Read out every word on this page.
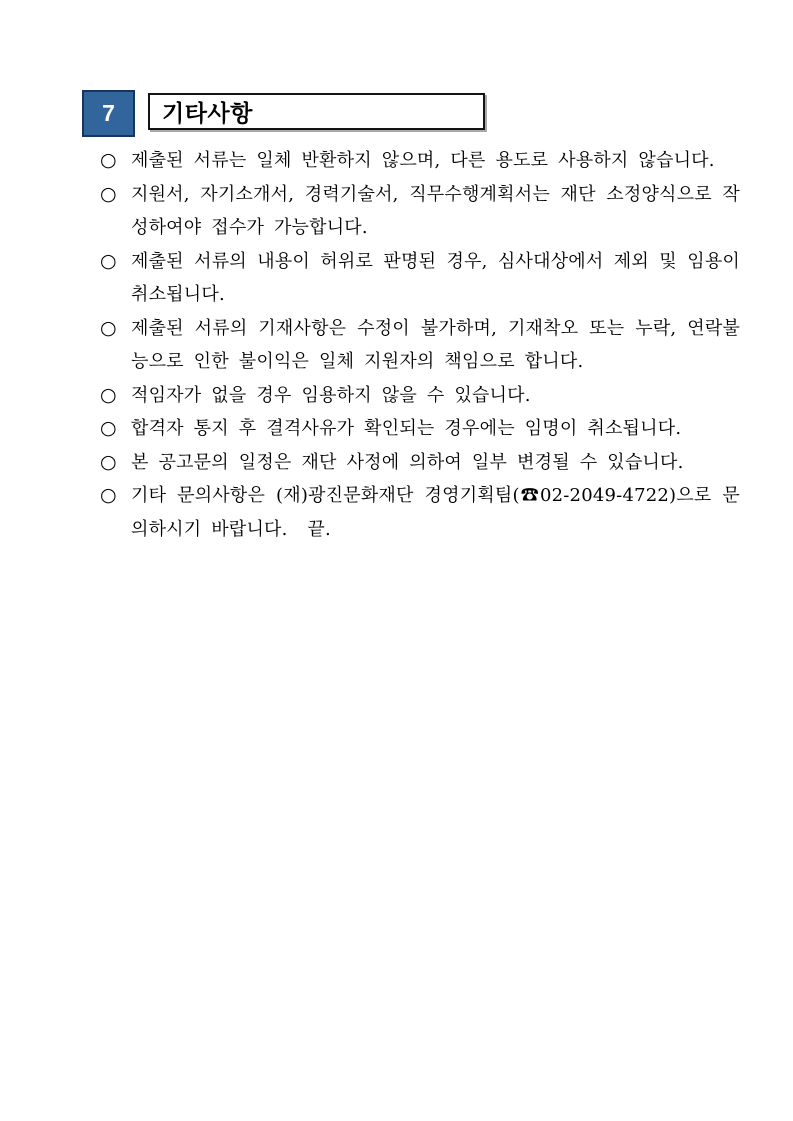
7 기타사항
○ 제출된 서류는 일체 반환하지 않으며, 다른 용도로 사용하지 않습니다.
○ 지원서, 자기소개서, 경력기술서, 직무수행계획서는 재단 소정양식으로 작성하여야 접수가 가능합니다.
○ 제출된 서류의 내용이 허위로 판명된 경우, 심사대상에서 제외 및 임용이 취소됩니다.
○ 제출된 서류의 기재사항은 수정이 불가하며, 기재착오 또는 누락, 연락불능으로 인한 불이익은 일체 지원자의 책임으로 합니다.
○ 적임자가 없을 경우 임용하지 않을 수 있습니다.
○ 합격자 통지 후 결격사유가 확인되는 경우에는 임명이 취소됩니다.
○ 본 공고문의 일정은 재단 사정에 의하여 일부 변경될 수 있습니다.
○ 기타 문의사항은 (재)광진문화재단 경영기획팀(☎02-2049-4722)으로 문의하시기 바랍니다.  끝.
